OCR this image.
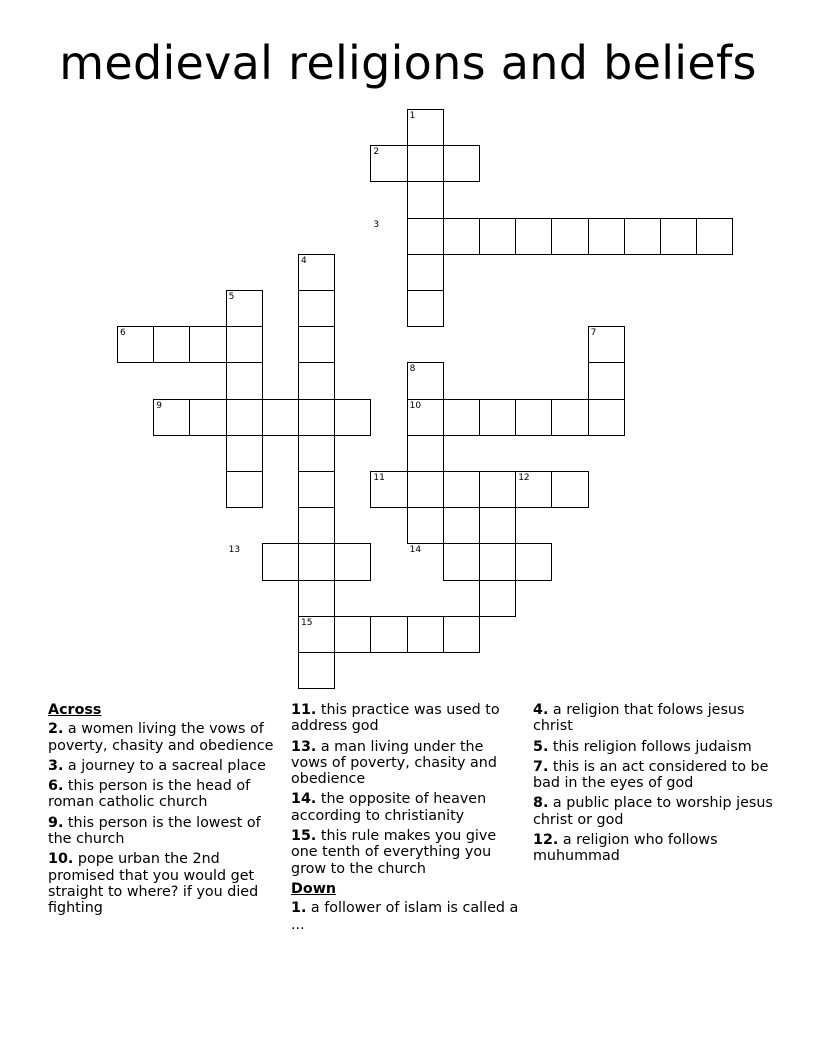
medieval religions and beliefs
1
2
3
4
5
6	7
8
9	10
11	12
13	14
15
Across
2. a women living the vows of poverty, chasity and obedience
3. a journey to a sacreal place
6. this person is the head of roman catholic church
9. this person is the lowest of the church
10. pope urban the 2nd promised that you would get straight to where? if you died fighting
11. this practice was used to address god
13. a man living under the vows of poverty, chasity and obedience
14. the opposite of heaven according to christianity
15. this rule makes you give one tenth of everything you grow to the church
Down
1. a follower of islam is called a ...
4. a religion that folows jesus christ
5. this religion follows judaism
7. this is an act considered to be bad in the eyes of god
8. a public place to worship jesus christ or god
12. a religion who follows muhummad
